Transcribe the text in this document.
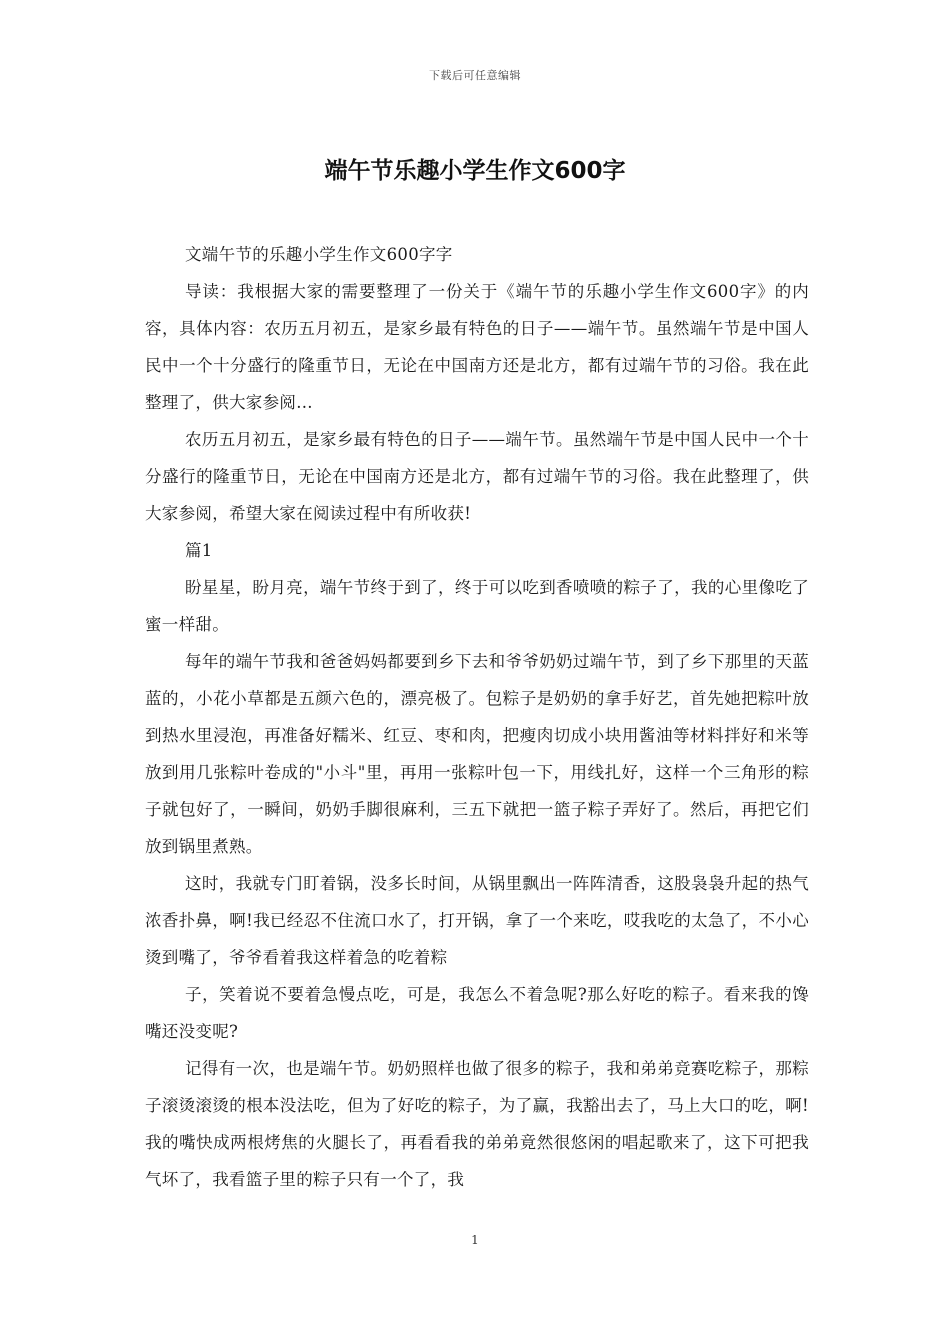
下载后可任意编辑
端午节乐趣小学生作文600字

文端午节的乐趣小学生作文600字字

导读：我根据大家的需要整理了一份关于《端午节的乐趣小学生作文600字》的内容，具体内容：农历五月初五，是家乡最有特色的日子——端午节。虽然端午节是中国人民中一个十分盛行的隆重节日，无论在中国南方还是北方，都有过端午节的习俗。我在此整理了，供大家参阅...

农历五月初五，是家乡最有特色的日子——端午节。虽然端午节是中国人民中一个十分盛行的隆重节日，无论在中国南方还是北方，都有过端午节的习俗。我在此整理了，供大家参阅，希望大家在阅读过程中有所收获!

篇1

盼星星，盼月亮，端午节终于到了，终于可以吃到香喷喷的粽子了，我的心里像吃了蜜一样甜。

每年的端午节我和爸爸妈妈都要到乡下去和爷爷奶奶过端午节，到了乡下那里的天蓝蓝的，小花小草都是五颜六色的，漂亮极了。包粽子是奶奶的拿手好艺，首先她把粽叶放到热水里浸泡，再准备好糯米、红豆、枣和肉，把瘦肉切成小块用酱油等材料拌好和米等放到用几张粽叶卷成的"小斗"里，再用一张粽叶包一下，用线扎好，这样一个三角形的粽子就包好了，一瞬间，奶奶手脚很麻利，三五下就把一篮子粽子弄好了。然后，再把它们放到锅里煮熟。

这时，我就专门盯着锅，没多长时间，从锅里飘出一阵阵清香，这股袅袅升起的热气浓香扑鼻，啊!我已经忍不住流口水了，打开锅，拿了一个来吃，哎我吃的太急了，不小心烫到嘴了，爷爷看着我这样着急的吃着粽

子，笑着说不要着急慢点吃，可是，我怎么不着急呢?那么好吃的粽子。看来我的馋嘴还没变呢?

记得有一次，也是端午节。奶奶照样也做了很多的粽子，我和弟弟竞赛吃粽子，那粽子滚烫滚烫的根本没法吃，但为了好吃的粽子，为了赢，我豁出去了，马上大口的吃，啊!我的嘴快成两根烤焦的火腿长了，再看看我的弟弟竟然很悠闲的唱起歌来了，这下可把我气坏了，我看篮子里的粽子只有一个了，我

1
